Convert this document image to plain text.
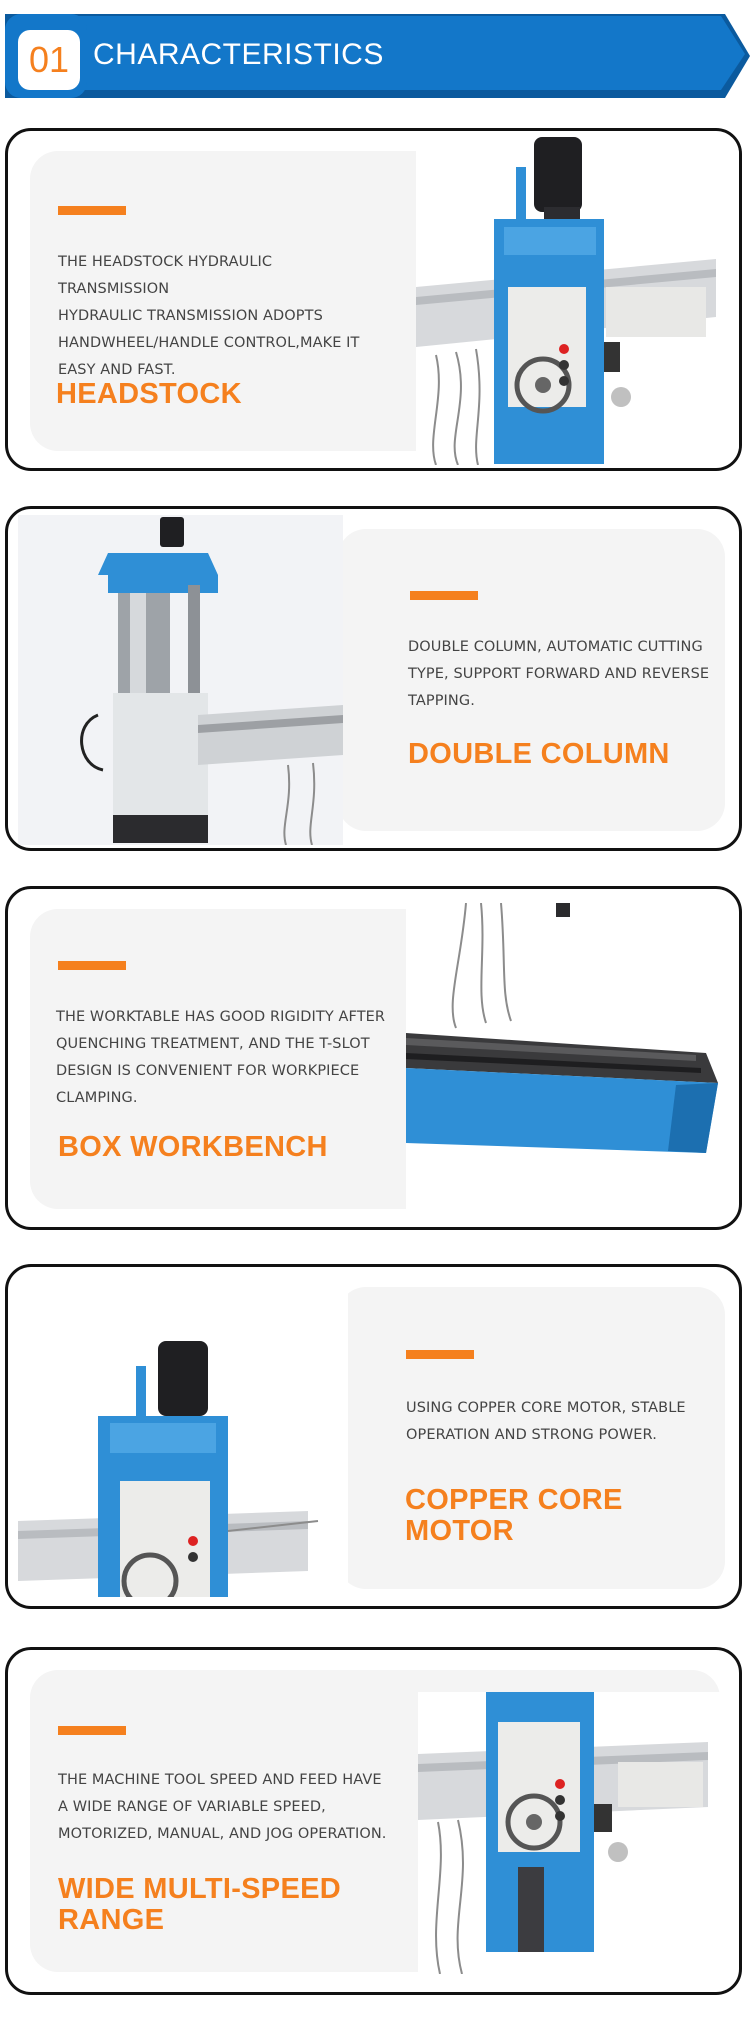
01 CHARACTERISTICS
THE HEADSTOCK HYDRAULIC TRANSMISSION
HYDRAULIC TRANSMISSION ADOPTS
HANDWHEEL/HANDLE CONTROL,MAKE IT
EASY AND FAST.
HEADSTOCK
DOUBLE COLUMN, AUTOMATIC CUTTING
TYPE, SUPPORT FORWARD AND REVERSE
TAPPING.
DOUBLE COLUMN
THE WORKTABLE HAS GOOD RIGIDITY AFTER
QUENCHING TREATMENT, AND THE T-SLOT
DESIGN IS CONVENIENT FOR WORKPIECE
CLAMPING.
BOX WORKBENCH
USING COPPER CORE MOTOR, STABLE
OPERATION AND STRONG POWER.
COPPER CORE
MOTOR
THE MACHINE TOOL SPEED AND FEED HAVE
A WIDE RANGE OF VARIABLE SPEED,
MOTORIZED, MANUAL, AND JOG OPERATION.
WIDE MULTI-SPEED
RANGE
